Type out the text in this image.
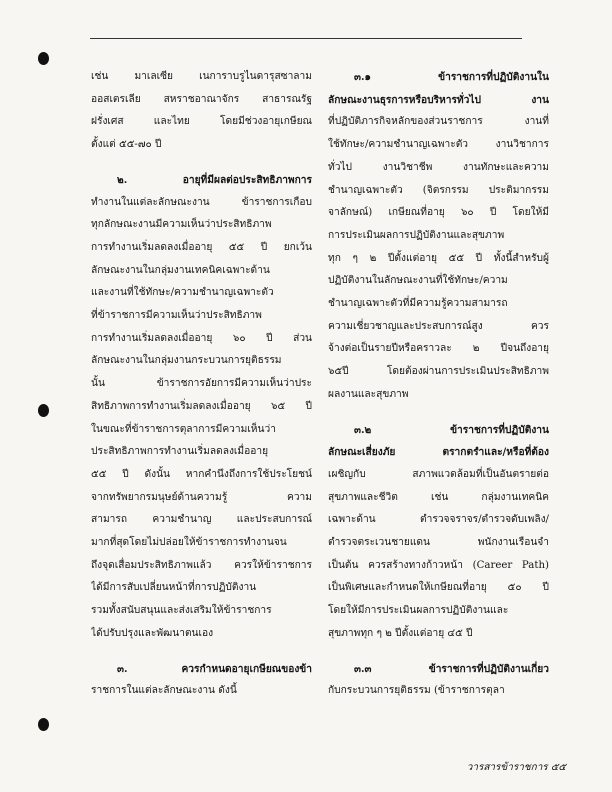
เช่น มาเลเซีย เนการาบรูไนดารุสซาลาม
ออสเตรเลีย สหราชอาณาจักร สาธารณรัฐ
ฝรั่งเศส และไทย โดยมีช่วงอายุเกษียณ
ตั้งแต่ ๕๕-๗๐ ปี

๒. อายุที่มีผลต่อประสิทธิภาพการ
ทำงานในแต่ละลักษณะงาน ข้าราชการเกือบ
ทุกลักษณะงานมีความเห็นว่าประสิทธิภาพ
การทำงานเริ่มลดลงเมื่ออายุ ๕๕ ปี ยกเว้น
ลักษณะงานในกลุ่มงานเทคนิคเฉพาะด้าน
และงานที่ใช้ทักษะ/ความชำนาญเฉพาะตัว
ที่ข้าราชการมีความเห็นว่าประสิทธิภาพ
การทำงานเริ่มลดลงเมื่ออายุ ๖๐ ปี ส่วน
ลักษณะงานในกลุ่มงานกระบวนการยุติธรรม
นั้น ข้าราชการอัยการมีความเห็นว่าประ
สิทธิภาพการทำงานเริ่มลดลงเมื่ออายุ ๖๕ ปี
ในขณะที่ข้าราชการตุลาการมีความเห็นว่า
ประสิทธิภาพการทำงานเริ่มลดลงเมื่ออายุ
๕๕ ปี ดังนั้น หากคำนึงถึงการใช้ประโยชน์
จากทรัพยากรมนุษย์ด้านความรู้ ความ
สามารถ ความชำนาญ และประสบการณ์
มากที่สุดโดยไม่ปล่อยให้ข้าราชการทำงานจน
ถึงจุดเสื่อมประสิทธิภาพแล้ว ควรให้ข้าราชการ
ได้มีการสับเปลี่ยนหน้าที่การปฏิบัติงาน
รวมทั้งสนับสนุนและส่งเสริมให้ข้าราชการ
ได้ปรับปรุงและพัฒนาตนเอง

๓. ควรกำหนดอายุเกษียณของข้า
ราชการในแต่ละลักษณะงาน ดังนี้

๓.๑ ข้าราชการที่ปฏิบัติงานใน
ลักษณะงานธุรการหรือบริหารทั่วไป งาน
ที่ปฏิบัติภารกิจหลักของส่วนราชการ งานที่
ใช้ทักษะ/ความชำนาญเฉพาะตัว งานวิชาการ
ทั่วไป งานวิชาชีพ งานทักษะและความ
ชำนาญเฉพาะตัว (จิตรกรรม ประติมากรรม
จาลักษณ์) เกษียณที่อายุ ๖๐ ปี โดยให้มี
การประเมินผลการปฏิบัติงานและสุขภาพ
ทุก ๆ ๒ ปีตั้งแต่อายุ ๕๕ ปี ทั้งนี้สำหรับผู้
ปฏิบัติงานในลักษณะงานที่ใช้ทักษะ/ความ
ชำนาญเฉพาะตัวที่มีความรู้ความสามารถ
ความเชี่ยวชาญและประสบการณ์สูง ควร
จ้างต่อเป็นรายปีหรือคราวละ ๒ ปีจนถึงอายุ
๖๕ปี โดยต้องผ่านการประเมินประสิทธิภาพ
ผลงานและสุขภาพ

๓.๒ ข้าราชการที่ปฏิบัติงาน
ลักษณะเสี่ยงภัย ตรากตรำและ/หรือที่ต้อง
เผชิญกับ สภาพแวดล้อมที่เป็นอันตรายต่อ
สุขภาพและชีวิต เช่น กลุ่มงานเทคนิค
เฉพาะด้าน ตำรวจจราจร/ตำรวจดับเพลิง/
ตำรวจตระเวนชายแดน พนักงานเรือนจำ
เป็นต้น ควรสร้างทางก้าวหน้า (Career Path)
เป็นพิเศษและกำหนดให้เกษียณที่อายุ ๕๐ ปี
โดยให้มีการประเมินผลการปฏิบัติงานและ
สุขภาพทุก ๆ ๒ ปีตั้งแต่อายุ ๔๕ ปี

๓.๓ ข้าราชการที่ปฏิบัติงานเกี่ยว
กับกระบวนการยุติธรรม (ข้าราชการตุลา

วารสารข้าราชการ ๕๕
